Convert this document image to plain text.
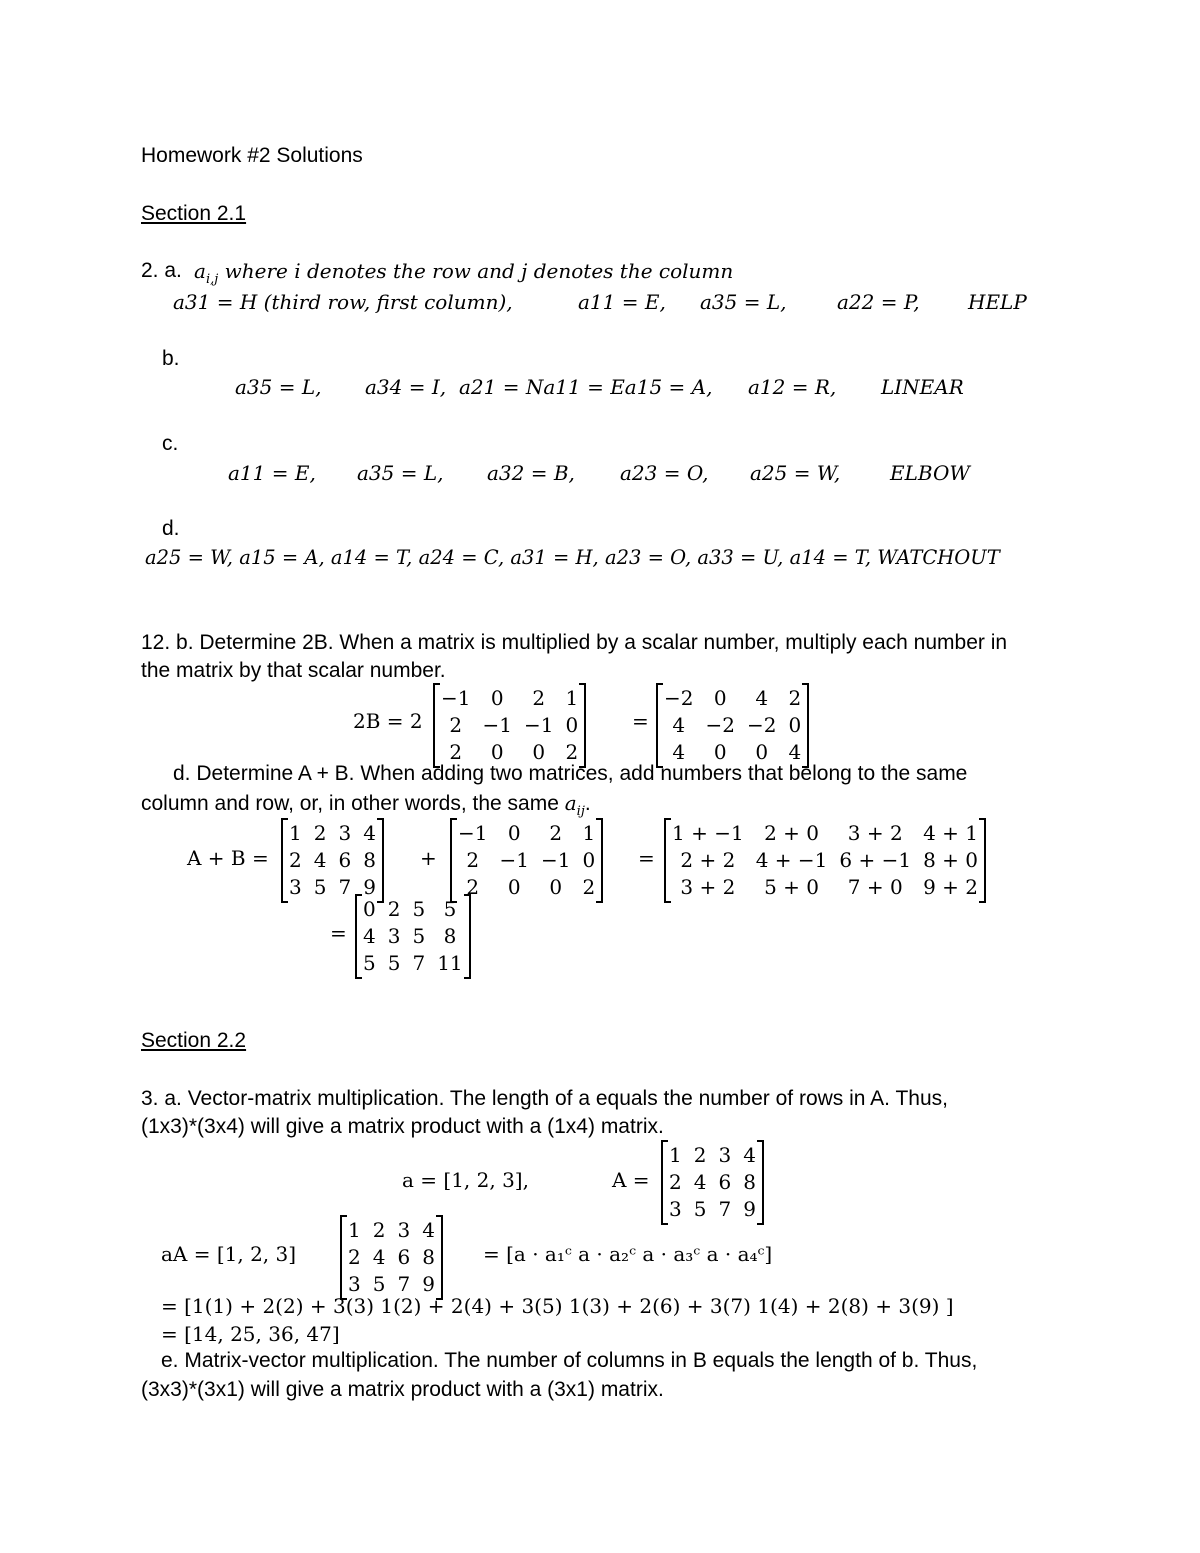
Homework #2 Solutions
Section 2.1
2. a. $a_{i,j}$ where i denotes the row and j denotes the column
a31 = H (third row, first column),	a11 = E, a35 = L,	a22 = P, HELP
b.
a35 = L, a34 = I, a21 = Na11 = Ea15 = A, a12 = R, LINEAR
c.
a11 = E, a35 = L, a32 = B, a23 = O, a25 = W, ELBOW
d.
a25 = W, a15 = A, a14 = T, a24 = C, a31 = H, a23 = O, a33 = U, a14 = T, WATCHOUT
12. b. Determine 2B. When a matrix is multiplied by a scalar number, multiply each number in
the matrix by that scalar number.
2B = 2
−1	0	2	1
2	−1	−1	0
2	0	0	2
=
−2	0	4	2
4	−2	−2	0
4	0	0	4
d. Determine A + B. When adding two matrices, add numbers that belong to the same
column and row, or, in other words, the same $a_{ij}$.
A + B =
1	2	3	4
2	4	6	8
3	5	7	9
+
−1	0	2	1
2	−1	−1	0
2	0	0	2
=
1 + −1	2 + 0	3 + 2	4 + 1
2 + 2	4 + −1	6 + −1	8 + 0
3 + 2	5 + 0	7 + 0	9 + 2
=
0	2	5	5
4	3	5	8
5	5	7	11
Section 2.2
3. a. Vector-matrix multiplication. The length of a equals the number of rows in A. Thus,
(1x3)*(3x4) will give a matrix product with a (1x4) matrix.
a = [1, 2, 3],	A =
1	2	3	4
2	4	6	8
3	5	7	9
aA = [1, 2, 3]
1	2	3	4
2	4	6	8
3	5	7	9
= [a · a₁ᶜ a · a₂ᶜ a · a₃ᶜ a · a₄ᶜ]
= [1(1) + 2(2) + 3(3) 1(2) + 2(4) + 3(5) 1(3) + 2(6) + 3(7) 1(4) + 2(8) + 3(9) ]
= [14, 25, 36, 47]
e. Matrix-vector multiplication. The number of columns in B equals the length of b. Thus,
(3x3)*(3x1) will give a matrix product with a (3x1) matrix.
